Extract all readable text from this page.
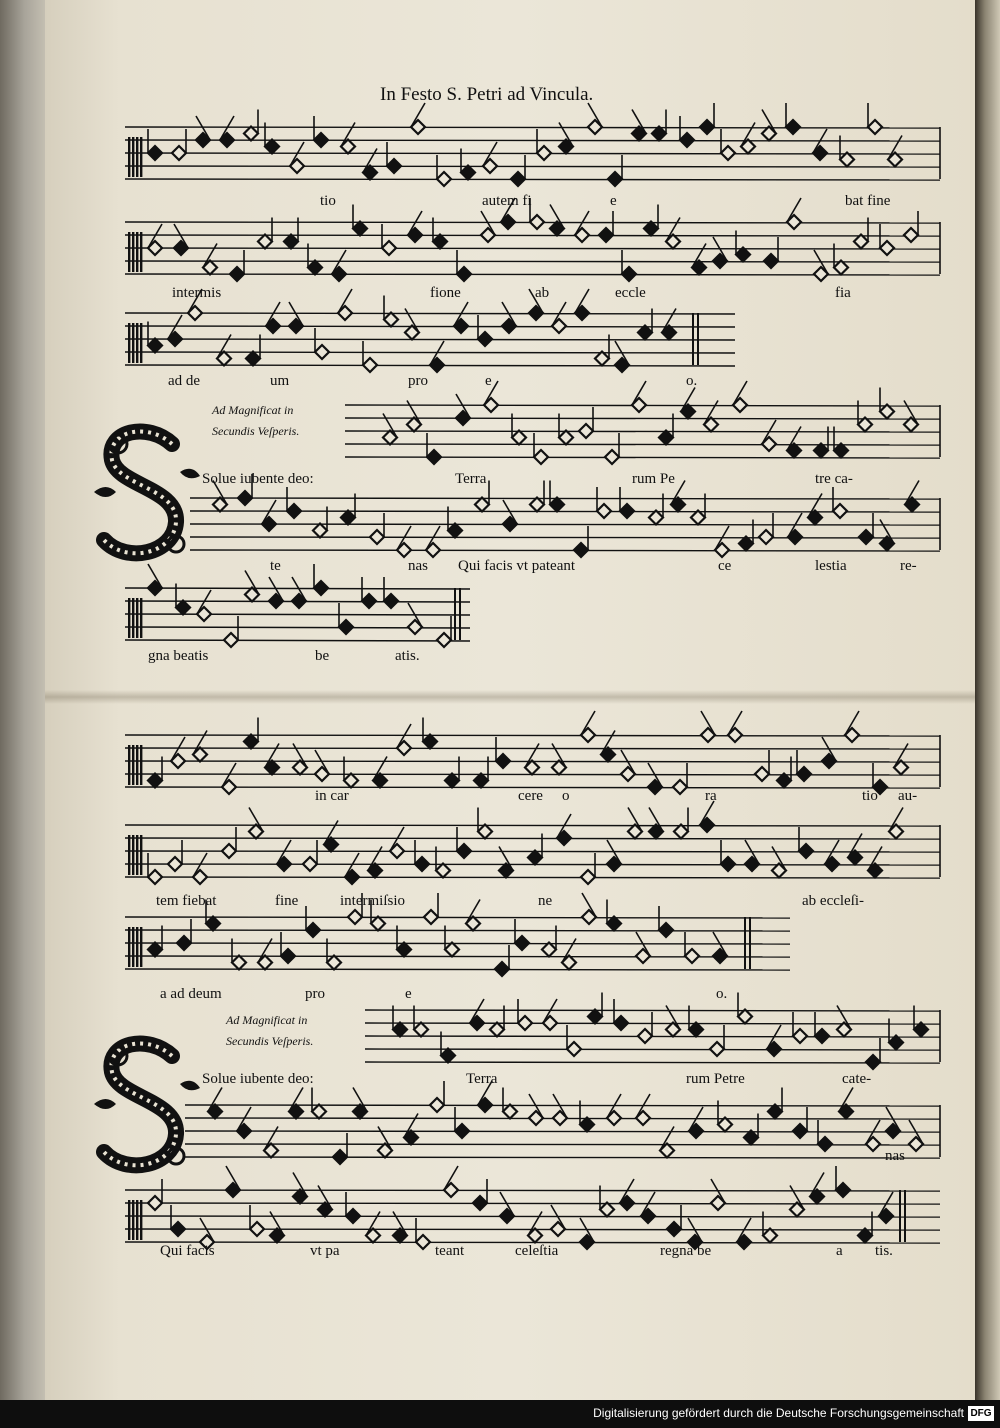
In Festo S. Petri ad Vincula.
tio	autem fi	e	bat fine
intermis	fione	ab	eccle	fia
ad de	um	pro	e	o.
Solue iubente deo:	Terra	rum Pe	tre ca-
te	nas Qui facis vt pateant	ce	lestia	re-
gna beatis	be	atis.
in car	cere o	ra	tio au-
tem fiebat	fine	intermiſsio	ne	ab eccleſi-
a ad deum	pro	e	o.
Solue iubente deo:	Terra	rum Petre	cate-
nas
Qui facis	vt pa	teant	celeſtia	regna be	a tis.
Ad Magnificat in
Secundis Veſperis.
Ad Magnificat in
Secundis Veſperis.
Digitalisierung gefördert durch die Deutsche Forschungsgemeinschaft DFG
